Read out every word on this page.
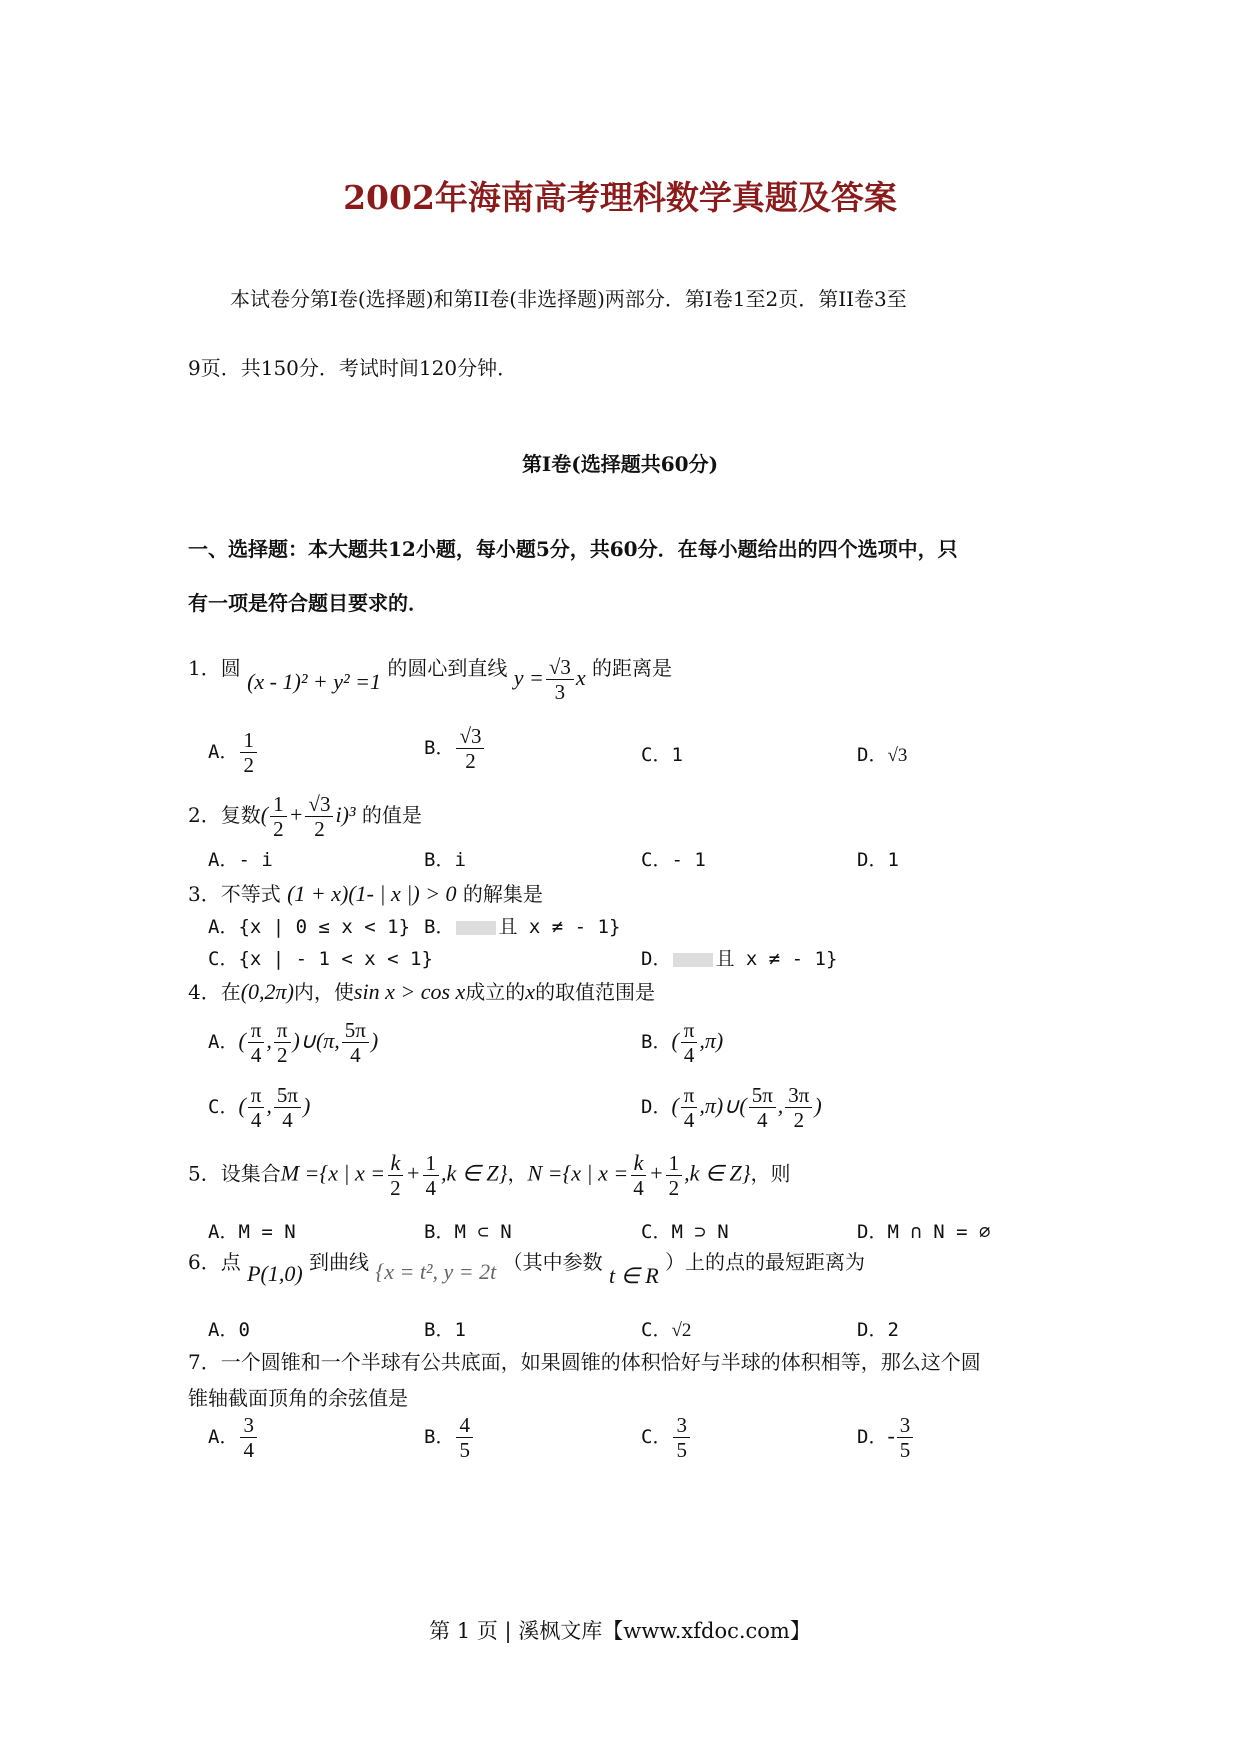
2002年海南高考理科数学真题及答案
本试卷分第I卷(选择题)和第II卷(非选择题)两部分．第I卷1至2页．第II卷3至
9页．共150分．考试时间120分钟．
第I卷(选择题共60分)
一、选择题：本大题共12小题，每小题5分，共60分．在每小题给出的四个选项中，只
有一项是符合题目要求的．
1．圆 (x - 1)² + y² =1 的圆心到直线 $y = \frac{√3}{3}$ x 的距离是
A． $\frac{1}{2}$	B． $\frac{√3}{2}$	C．1	D．√3
2．复数( $\frac{1}{2} + \frac{√3}{2} i)^3$ 的值是
A．- i	B．i	C．- 1	D．1
3．不等式 (1 + x)(1- | x |) > 0 的解集是
A．{x | 0 ≤ x < 1} B． 且 x ≠ - 1}
C．{x | - 1 < x < 1}	D． 且 x ≠ - 1}
4．在(0,2π)内，使sin x > cos x成立的x的取值范围是
A．( $\frac{\pi}{4}$ , $\frac{\pi}{2}$ )∪(π, $\frac{5\pi}{4}$ )	B．( $\frac{\pi}{4} ,\pi$)
C．( $\frac{\pi}{4}$ , $\frac{5\pi}{4}$ )	D．( $\frac{\pi}{4}$ ,π)∪( $\frac{5\pi}{4}$ , $\frac{3\pi}{2}$ )
5．设集合M ={x | $x = \frac{k}{2} + \frac{1}{4} ,k$ ∈ Z}，N ={x | $x = \frac{k}{4} + \frac{1}{2} ,k$ ∈ Z}，则
A．M = N	B．M ⊂ N	C．M ⊃ N	D．M ∩ N = ∅
6．点 P(1,0) 到曲线 {x = t², y = 2t （其中参数 t ∈ R ）上的点的最短距离为
A．0	B．1	C．√2	D．2
7．一个圆锥和一个半球有公共底面，如果圆锥的体积恰好与半球的体积相等，那么这个圆
锥轴截面顶角的余弦值是
A． $\frac{3}{4}$	B． $\frac{4}{5}$	C． $\frac{3}{5}$	D．- $\frac{3}{5}$
第 1 页 | 溪枫文库【www.xfdoc.com】
